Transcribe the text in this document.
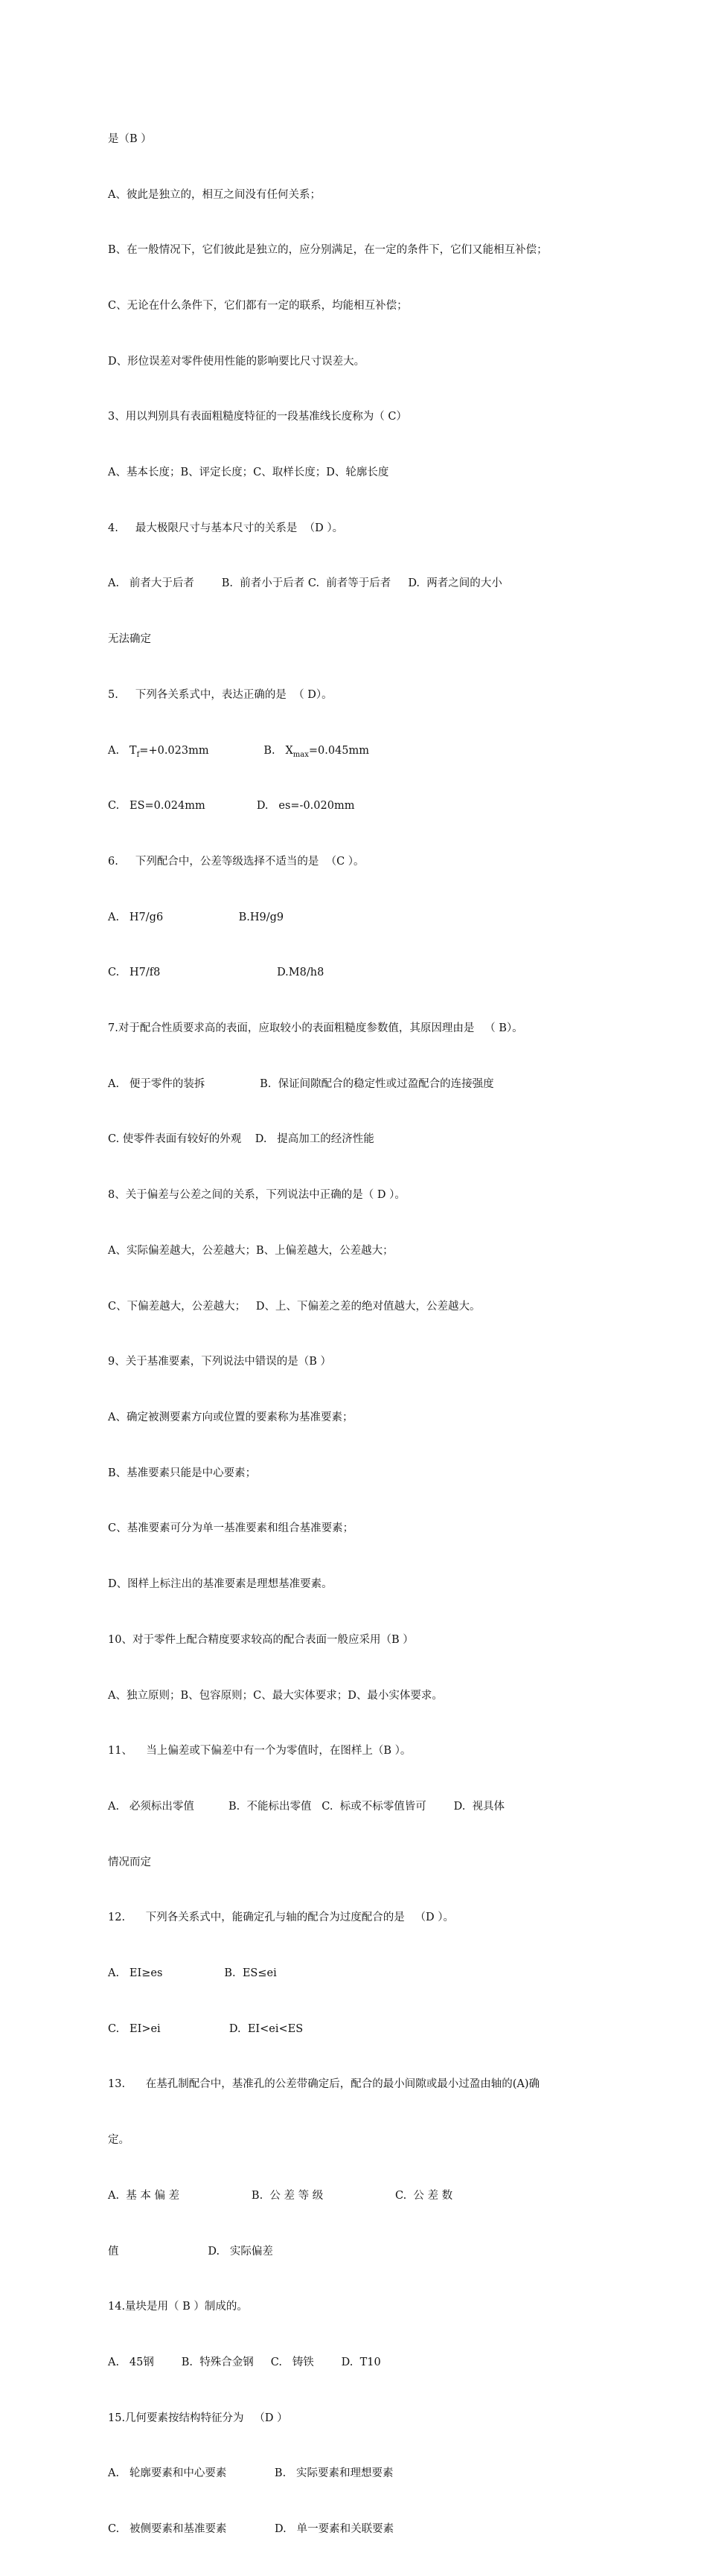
是（B ）

A、彼此是独立的，相互之间没有任何关系；

B、在一般情况下，它们彼此是独立的，应分别满足，在一定的条件下，它们又能相互补偿；

C、无论在什么条件下，它们都有一定的联系，均能相互补偿；

D、形位误差对零件使用性能的影响要比尺寸误差大。

3、用以判别具有表面粗糙度特征的一段基准线长度称为（ C）

A、基本长度；B、评定长度；C、取样长度；D、轮廓长度

4.     最大极限尺寸与基本尺寸的关系是  （D ）。

A.   前者大于后者        B.  前者小于后者 C.  前者等于后者     D.  两者之间的大小

无法确定

5.     下列各关系式中，表达正确的是  （ D）。

A.   $T_f=+0.023mm$                B.   $X_{max}=0.045mm$

C.   ES=0.024mm               D.   es=-0.020mm

6.     下列配合中，公差等级选择不适当的是  （C ）。

A.   H7/g6                      B.H9/g9

C.   H7/f8                                  D.M8/h8

7.对于配合性质要求高的表面，应取较小的表面粗糙度参数值，其原因理由是   （ B）。

A.   便于零件的装拆                B.  保证间隙配合的稳定性或过盈配合的连接强度

C. 使零件表面有较好的外观    D.   提高加工的经济性能

8、关于偏差与公差之间的关系，下列说法中正确的是（ D ）。

A、实际偏差越大，公差越大；B、上偏差越大，公差越大；

C、下偏差越大，公差越大；   D、上、下偏差之差的绝对值越大，公差越大。

9、关于基准要素，下列说法中错误的是（B ）

A、确定被测要素方向或位置的要素称为基准要素；

B、基准要素只能是中心要素；

C、基准要素可分为单一基准要素和组合基准要素；

D、图样上标注出的基准要素是理想基准要素。

10、对于零件上配合精度要求较高的配合表面一般应采用（B ）

A、独立原则；B、包容原则；C、最大实体要求；D、最小实体要求。

11、    当上偏差或下偏差中有一个为零值时，在图样上（B ）。

A.   必须标出零值          B.  不能标出零值   C.  标或不标零值皆可        D.  视具体

情况而定

12.      下列各关系式中，能确定孔与轴的配合为过度配合的是   （D ）。

A.   EI≥es                  B.  ES≤ei

C.   EI>ei                    D.  EI<ei<ES

13.      在基孔制配合中，基准孔的公差带确定后，配合的最小间隙或最小过盈由轴的(A)确

定。

A.  基 本 偏 差                     B.  公 差 等 级                     C.  公 差 数

值                          D.   实际偏差

14.量块是用（ B ）制成的。

A.   45钢        B.  特殊合金钢     C.   铸铁        D.  T10

15.几何要素按结构特征分为   （D ）

A.   轮廓要素和中心要素              B.   实际要素和理想要素

C.   被侧要素和基准要素              D.   单一要素和关联要素
